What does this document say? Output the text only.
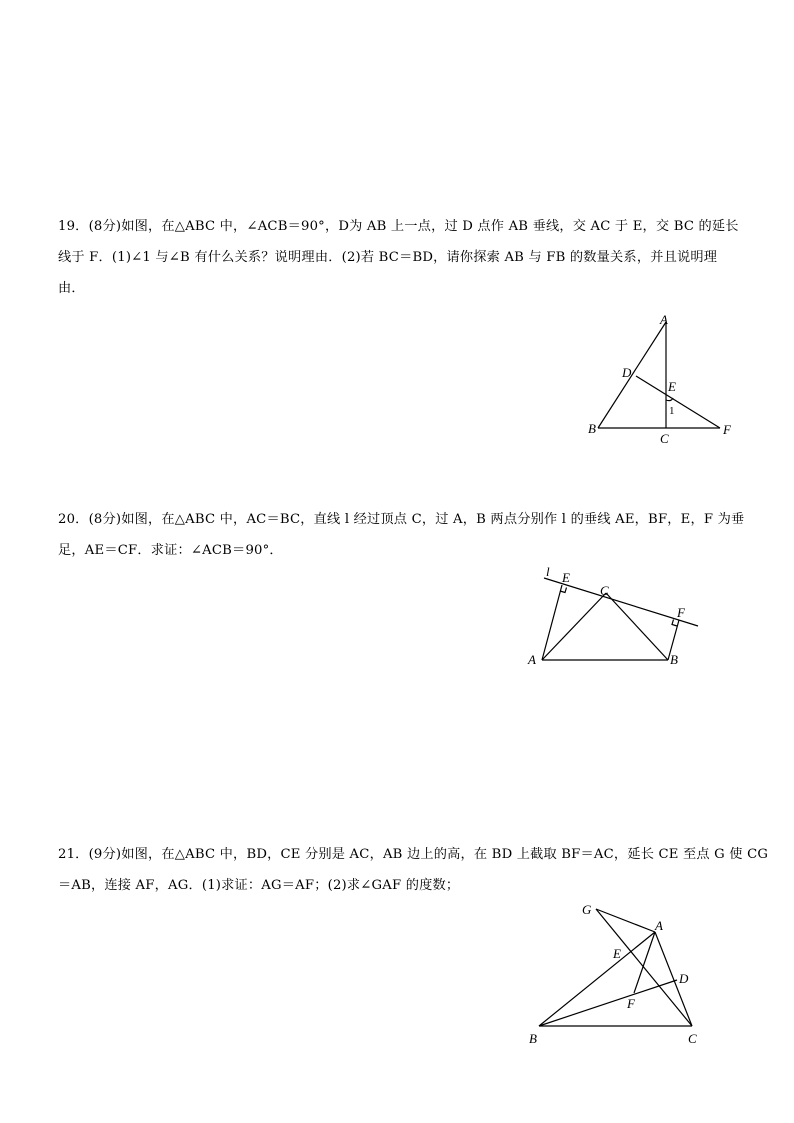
19．(8分)如图，在△ABC 中，∠ACB＝90°，D为 AB 上一点，过 D 点作 AB 垂线，交 AC 于 E，交 BC 的延长
线于 F．(1)∠1 与∠B 有什么关系？说明理由．(2)若 BC＝BD，请你探索 AB 与 FB 的数量关系，并且说明理
由．
A
D
E
1
B
C
F
20．(8分)如图，在△ABC 中，AC＝BC，直线 l 经过顶点 C，过 A，B 两点分别作 l 的垂线 AE，BF，E，F 为垂
足，AE＝CF．求证：∠ACB＝90°．
l E
C
F
A	B
21．(9分)如图，在△ABC 中，BD，CE 分别是 AC，AB 边上的高，在 BD 上截取 BF＝AC，延长 CE 至点 G 使 CG
＝AB，连接 AF，AG．(1)求证：AG＝AF；(2)求∠GAF 的度数；
G
A
E
D
F
B	C
